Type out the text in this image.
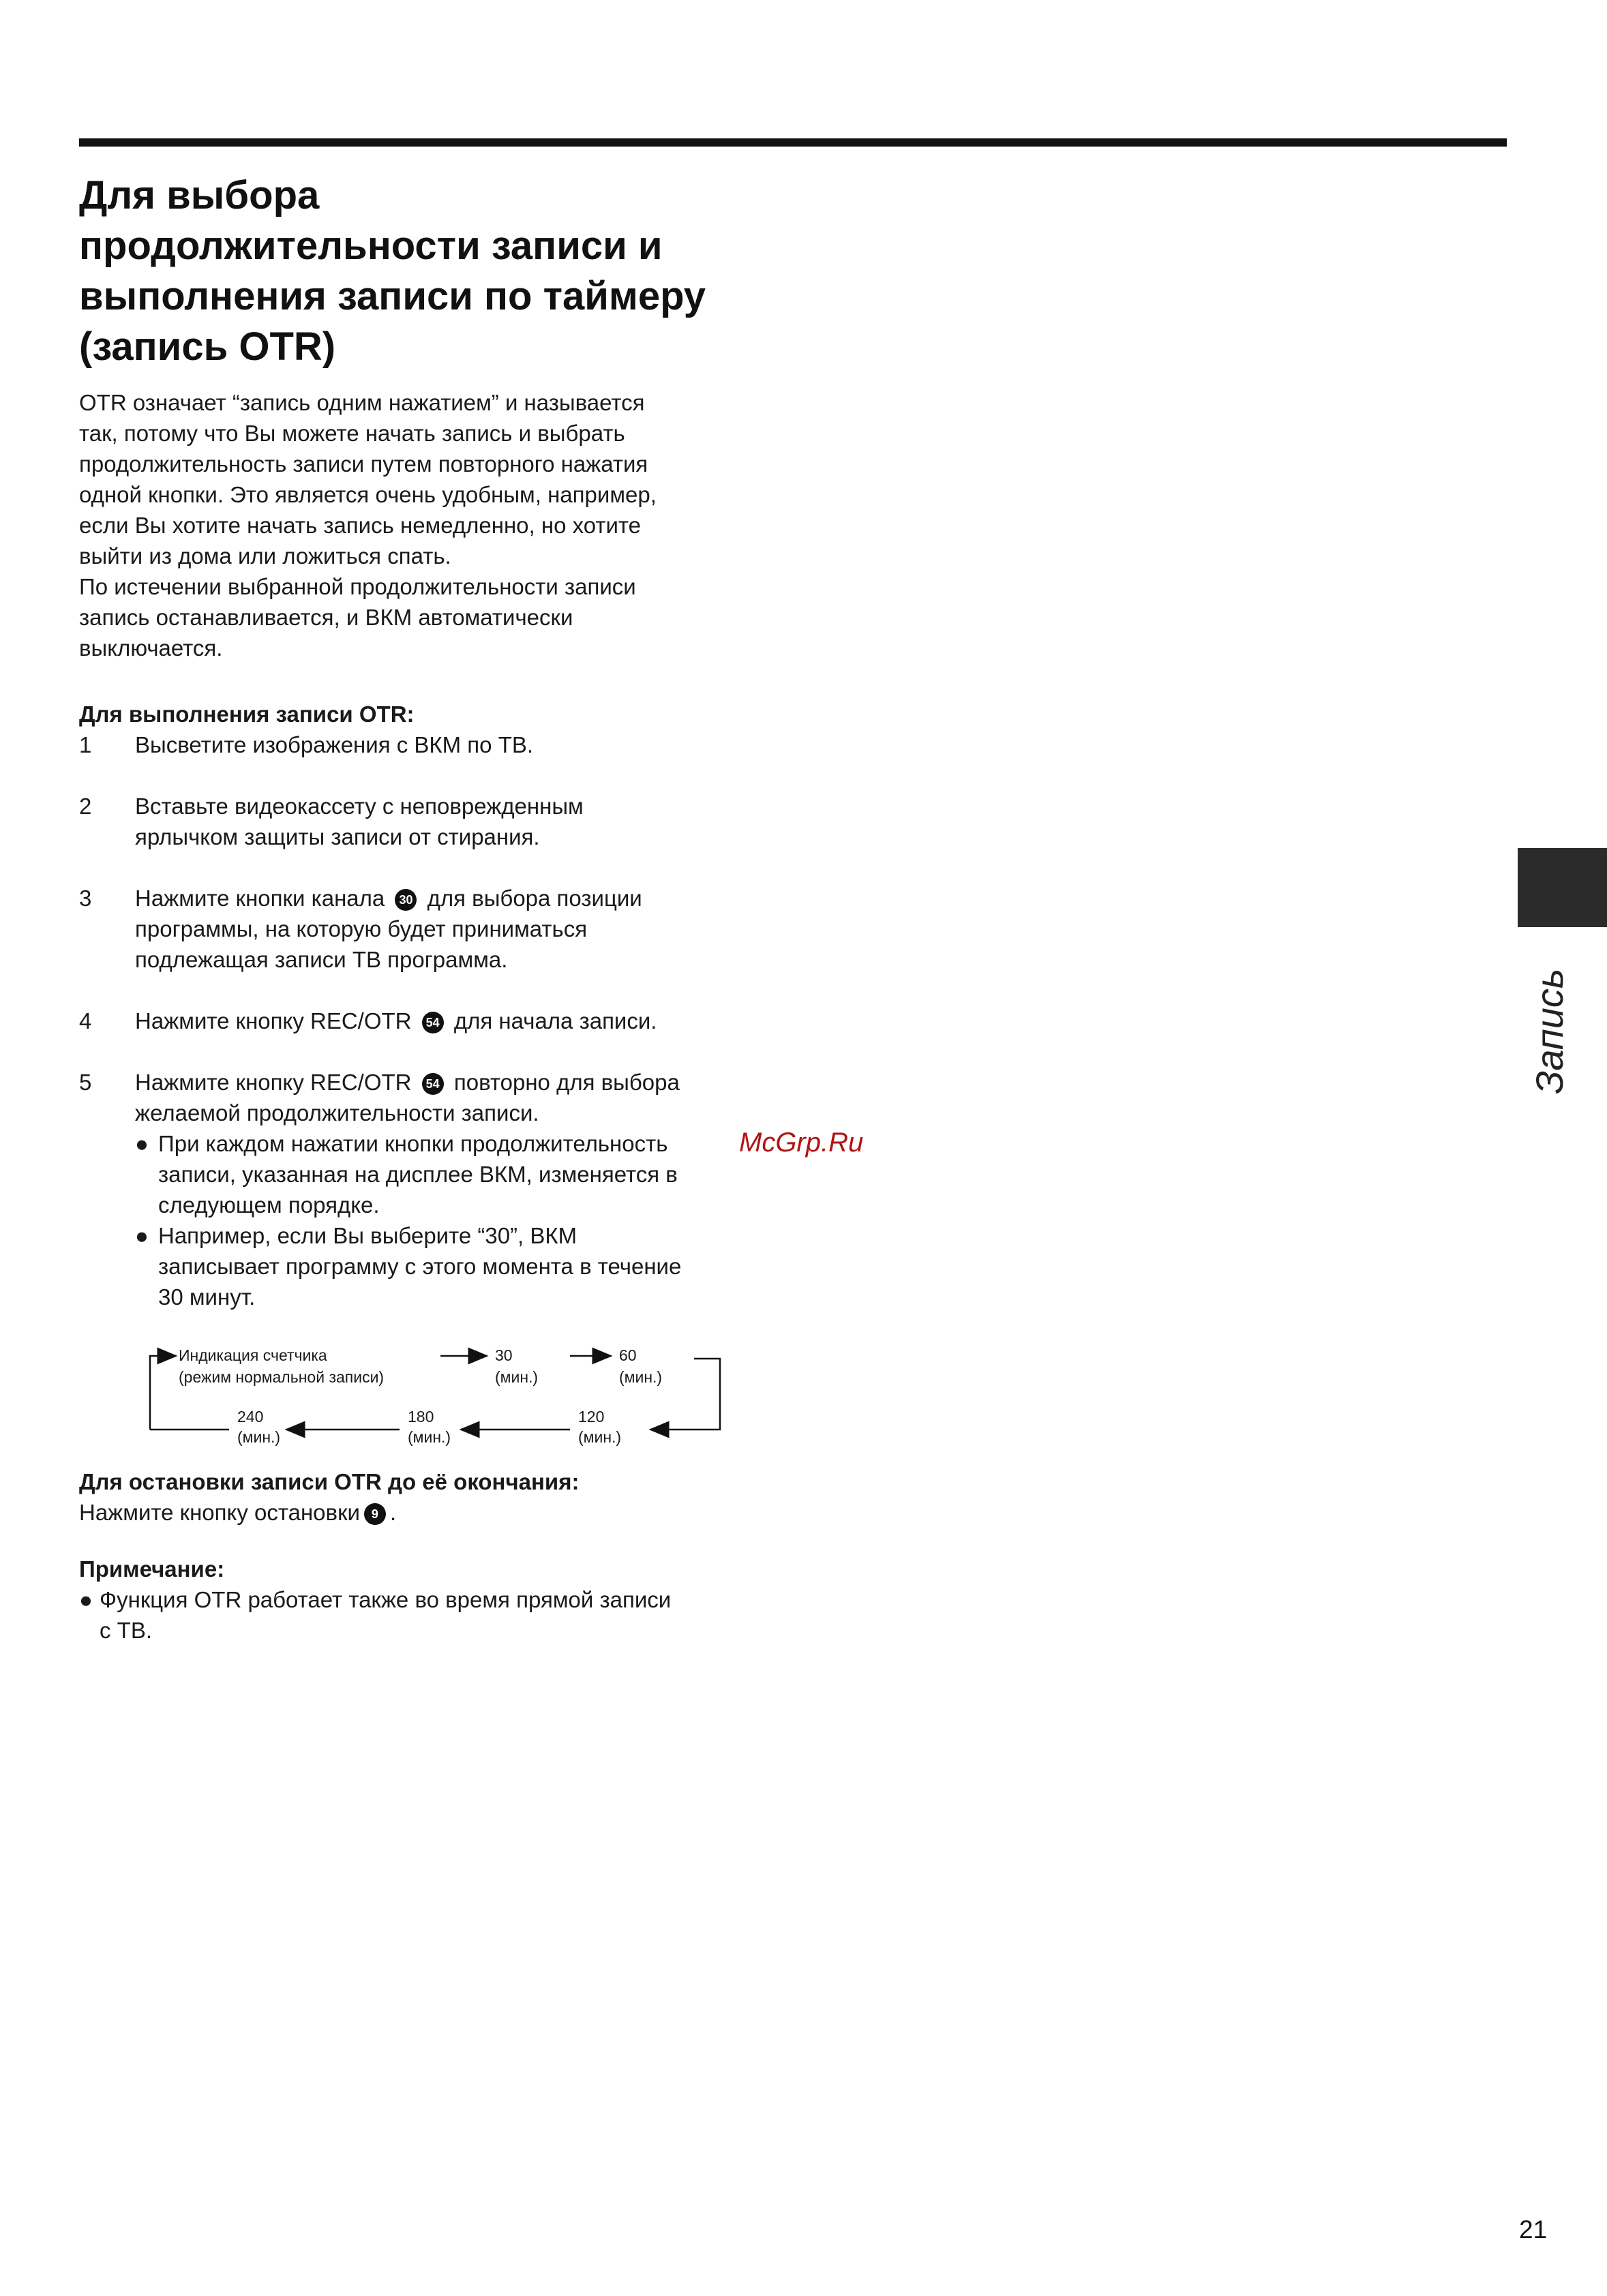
Для выбора
продолжительности записи и
выполнения записи по таймеру
(запись OTR)
OTR означает “запись одним нажатием” и называется
так, потому что Вы можете начать запись и выбрать
продолжительность записи путем повторного нажатия
одной кнопки. Это является очень удобным, например,
если Вы хотите начать запись немедленно, но хотите
выйти из дома или ложиться спать.
По истечении выбранной продолжительности записи
запись останавливается, и ВКМ автоматически
выключается.
Для выполнения записи OTR:
1	Высветите изображения с ВКМ по ТВ.
2	Вставьте видеокассету с неповрежденным
ярлычком защиты записи от стирания.
3	Нажмите кнопки канала 30 для выбора позиции
программы, на которую будет приниматься
подлежащая записи ТВ программа.
4	Нажмите кнопку REC/OTR 54 для начала записи.
5	Нажмите кнопку REC/OTR 54 повторно для выбора
желаемой продолжительности записи.
● При каждом нажатии кнопки продолжительность
записи, указанная на дисплее ВКМ, изменяется в
следующем порядке.
● Например, если Вы выберите “30”, ВКМ
записывает программу с этого момента в течение
30 минут.
Индикация счетчика
(режим нормальной записи)
30
(мин.)
60
(мин.)
120
(мин.)
180
(мин.)
240
(мин.)
Для остановки записи OTR до её окончания:
Нажмите кнопку остановки 9 .
Примечание:
● Функция OTR работает также во время прямой записи
с ТВ.
Запись
McGrp.Ru
21
